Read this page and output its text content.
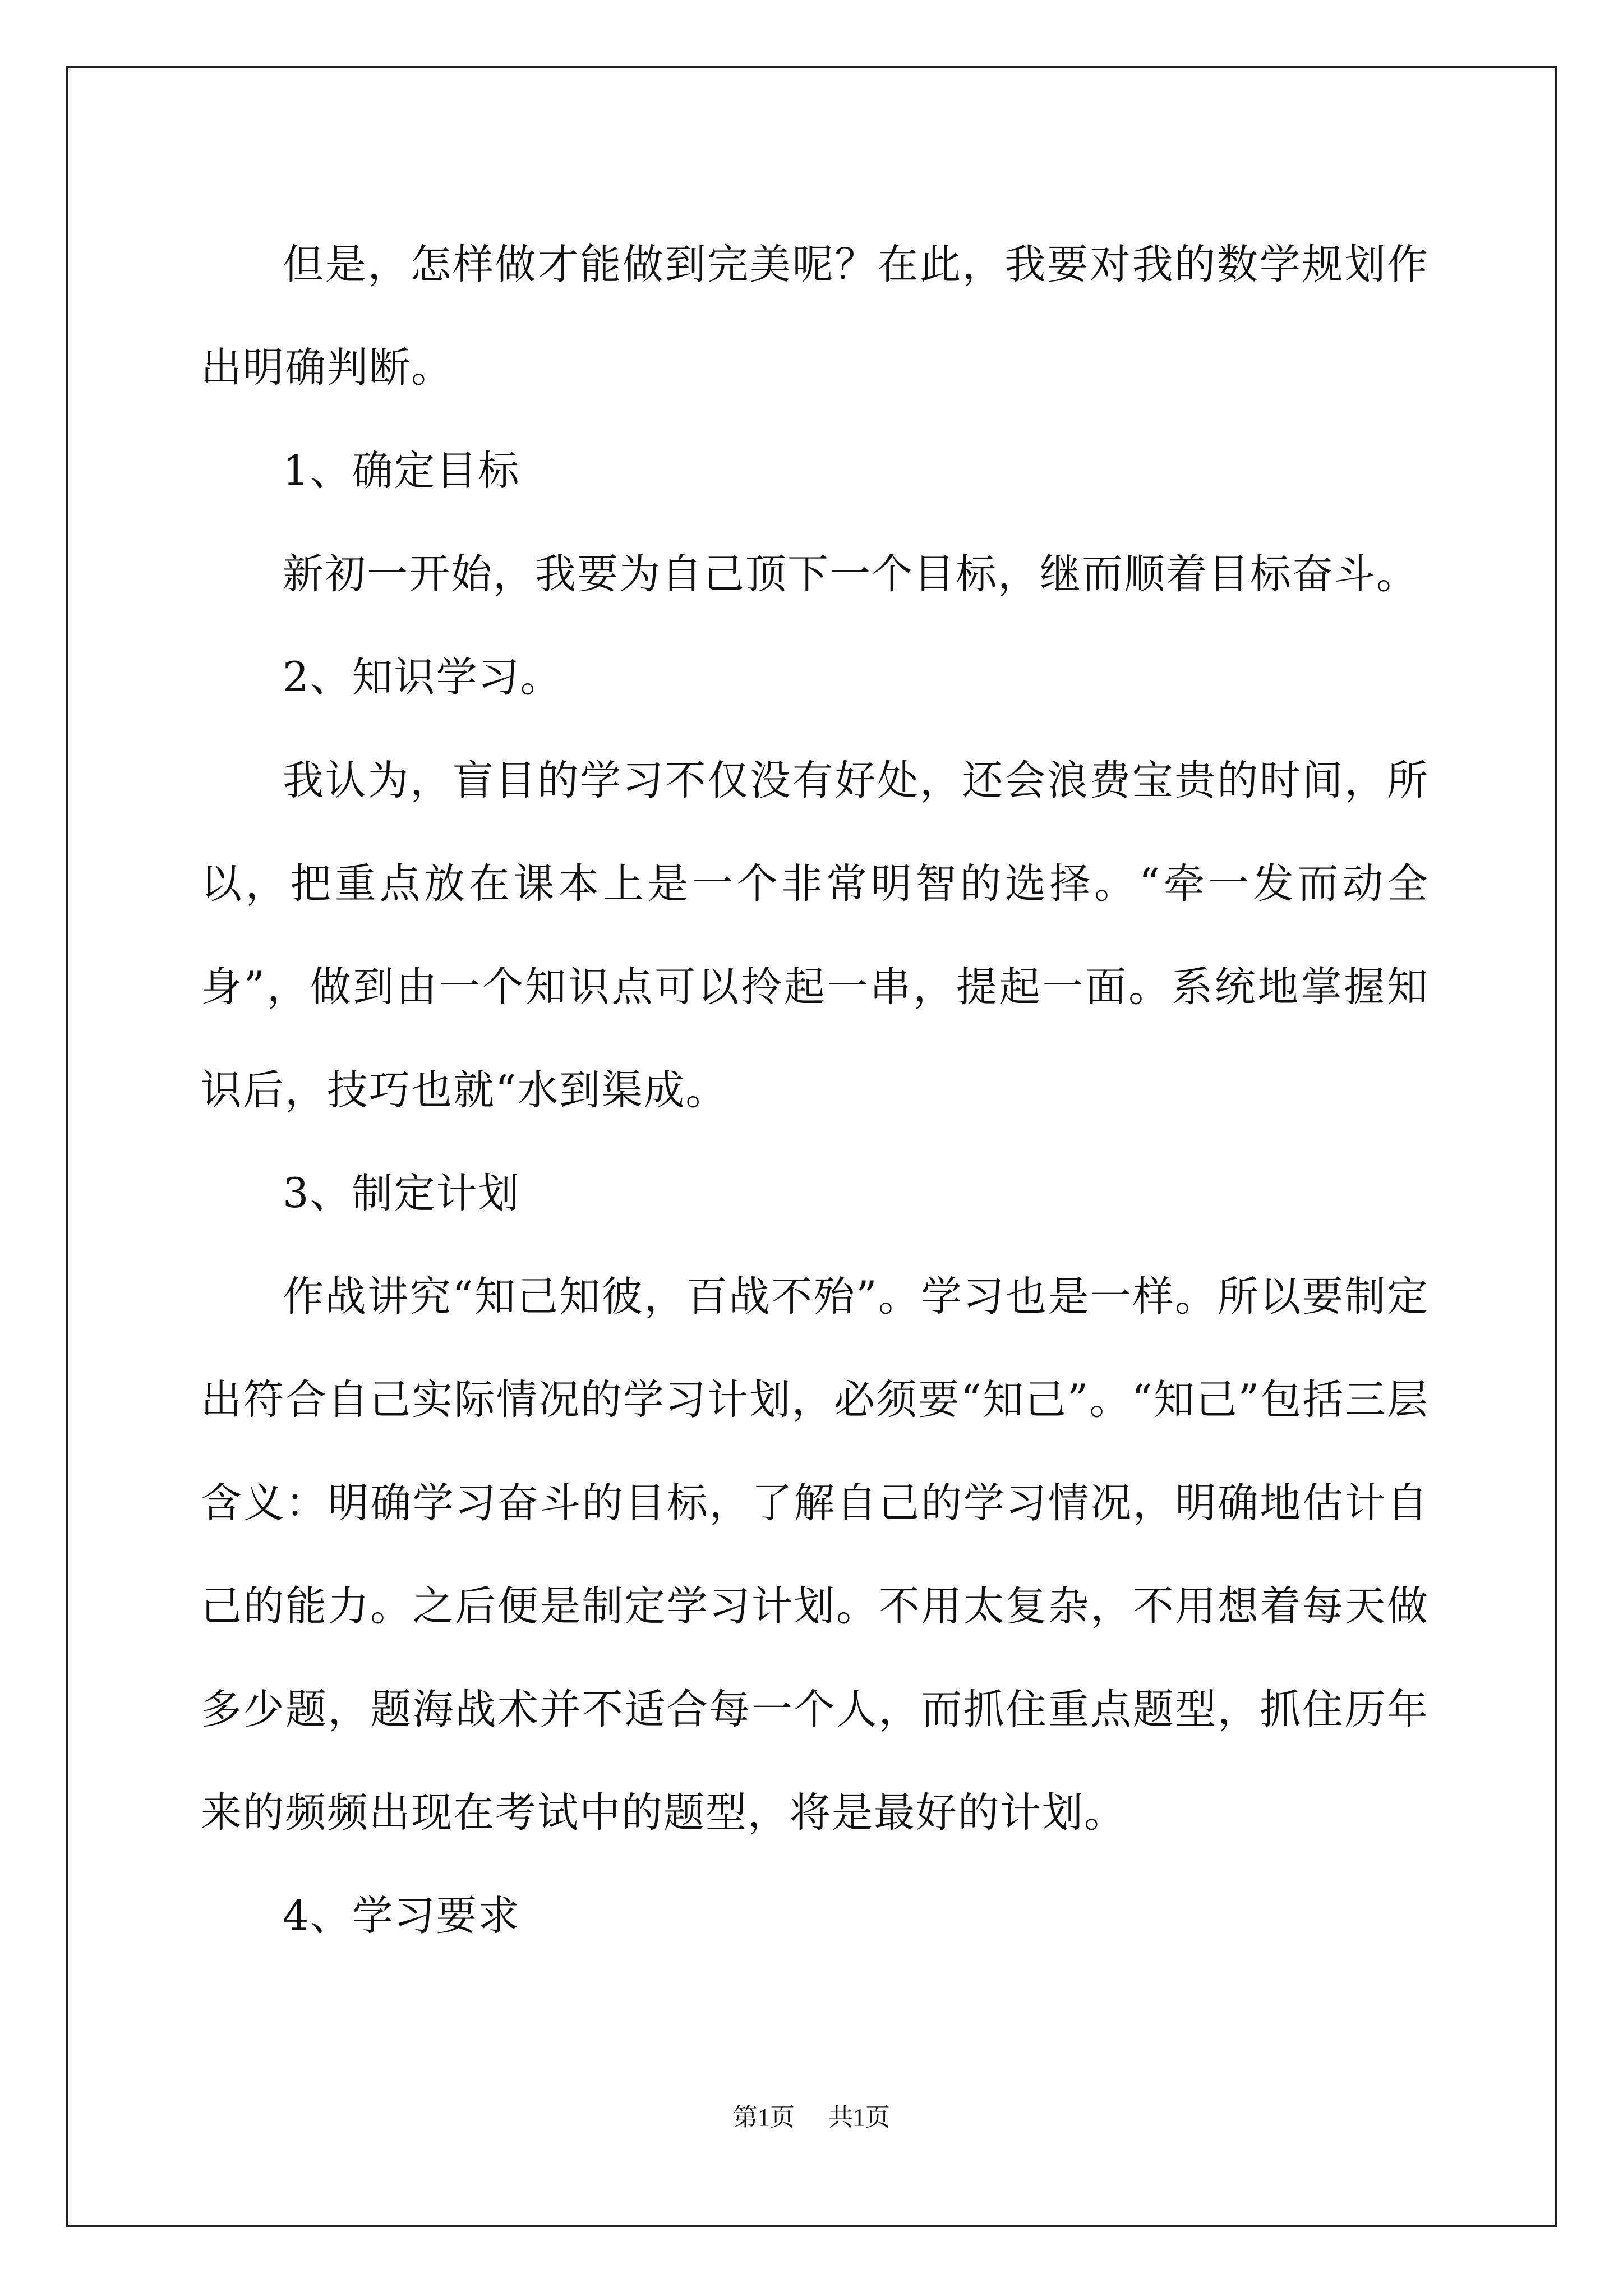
但是，怎样做才能做到完美呢？在此，我要对我的数学规划作出明确判断。

1、确定目标

新初一开始，我要为自己顶下一个目标，继而顺着目标奋斗。

2、知识学习。

我认为，盲目的学习不仅没有好处，还会浪费宝贵的时间，所以，把重点放在课本上是一个非常明智的选择。“牵一发而动全身”，做到由一个知识点可以拎起一串，提起一面。系统地掌握知识后，技巧也就“水到渠成。

3、制定计划

作战讲究“知己知彼，百战不殆”。学习也是一样。所以要制定出符合自己实际情况的学习计划，必须要“知己”。“知己”包括三层含义：明确学习奋斗的目标，了解自己的学习情况，明确地估计自己的能力。之后便是制定学习计划。不用太复杂，不用想着每天做多少题，题海战术并不适合每一个人，而抓住重点题型，抓住历年来的频频出现在考试中的题型，将是最好的计划。

4、学习要求

第1页 共1页
